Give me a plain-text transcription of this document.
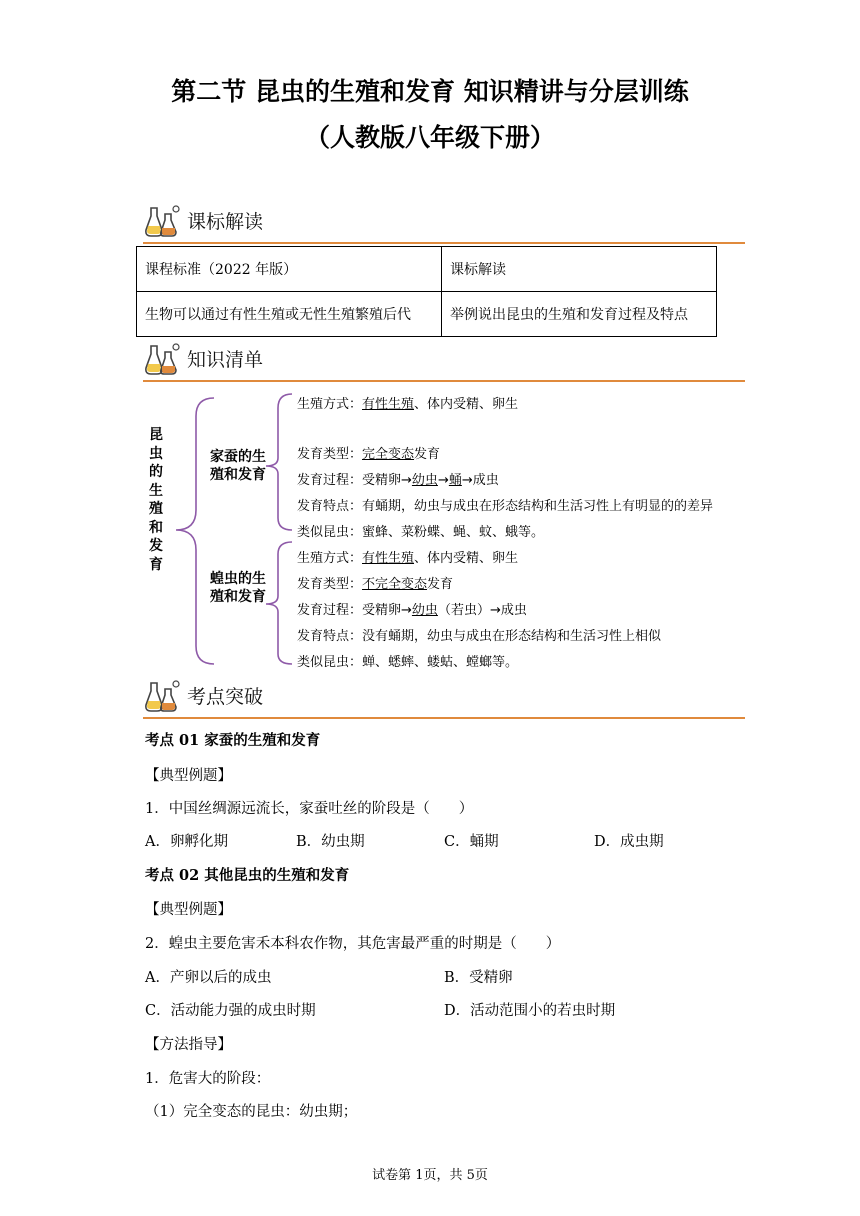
第二节 昆虫的生殖和发育 知识精讲与分层训练
（人教版八年级下册）
课标解读
课程标准（2022 年版）	课标解读
生物可以通过有性生殖或无性生殖繁殖后代	举例说出昆虫的生殖和发育过程及特点
知识清单
昆
虫
的
生
殖
和
发
育
家蚕的生
殖和发育
生殖方式：有性生殖、体内受精、卵生
发育类型：完全变态发育
发育过程：受精卵→幼虫→蛹→成虫
发育特点：有蛹期，幼虫与成虫在形态结构和生活习性上有明显的的差异
类似昆虫：蜜蜂、菜粉蝶、蝇、蚊、蛾等。
蝗虫的生
殖和发育
生殖方式：有性生殖、体内受精、卵生
发育类型：不完全变态发育
发育过程：受精卵→幼虫（若虫）→成虫
发育特点：没有蛹期，幼虫与成虫在形态结构和生活习性上相似
类似昆虫：蝉、蟋蟀、蝼蛄、螳螂等。
考点突破
考点 01 家蚕的生殖和发育
【典型例题】
1．中国丝绸源远流长，家蚕吐丝的阶段是（　　）
A．卵孵化期	B．幼虫期	C．蛹期	D．成虫期
考点 02 其他昆虫的生殖和发育
【典型例题】
2．蝗虫主要危害禾本科农作物，其危害最严重的时期是（　　）
A．产卵以后的成虫	B．受精卵
C．活动能力强的成虫时期	D．活动范围小的若虫时期
【方法指导】
1．危害大的阶段：
（1）完全变态的昆虫：幼虫期；
试卷第 1页，共 5页
